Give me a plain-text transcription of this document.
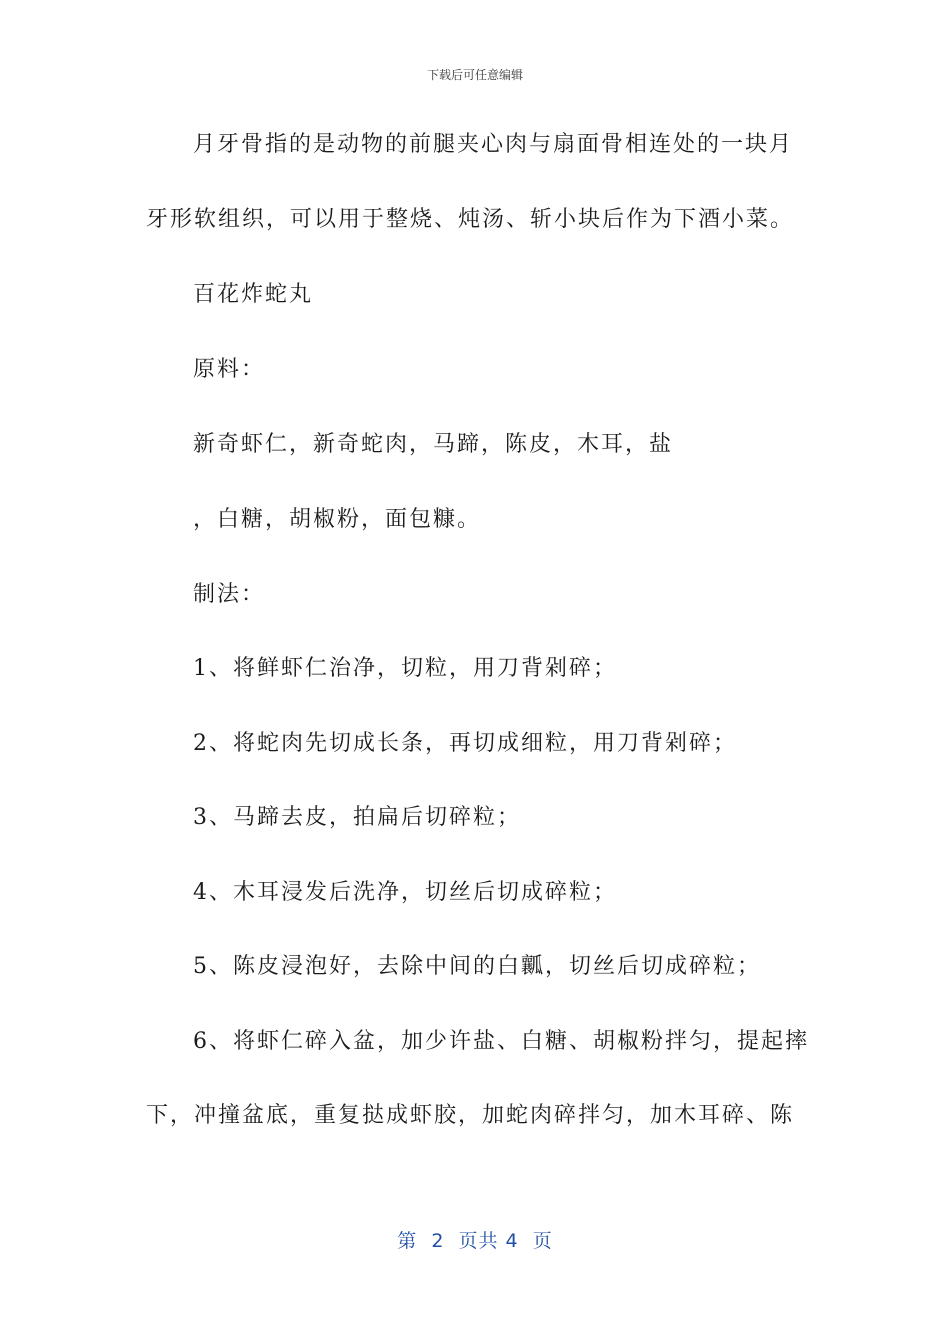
下载后可任意编辑
月牙骨指的是动物的前腿夹心肉与扇面骨相连处的一块月
牙形软组织，可以用于整烧、炖汤、斩小块后作为下酒小菜。
百花炸蛇丸
原料：
新奇虾仁，新奇蛇肉，马蹄，陈皮，木耳，盐
，白糖，胡椒粉，面包糠。
制法：
1、将鲜虾仁治净，切粒，用刀背剁碎；
2、将蛇肉先切成长条，再切成细粒，用刀背剁碎；
3、马蹄去皮，拍扁后切碎粒；
4、木耳浸发后洗净，切丝后切成碎粒；
5、陈皮浸泡好，去除中间的白瓤，切丝后切成碎粒；
6、将虾仁碎入盆，加少许盐、白糖、胡椒粉拌匀，提起摔
下，冲撞盆底，重复挞成虾胶，加蛇肉碎拌匀，加木耳碎、陈
第  2  页共 4  页
